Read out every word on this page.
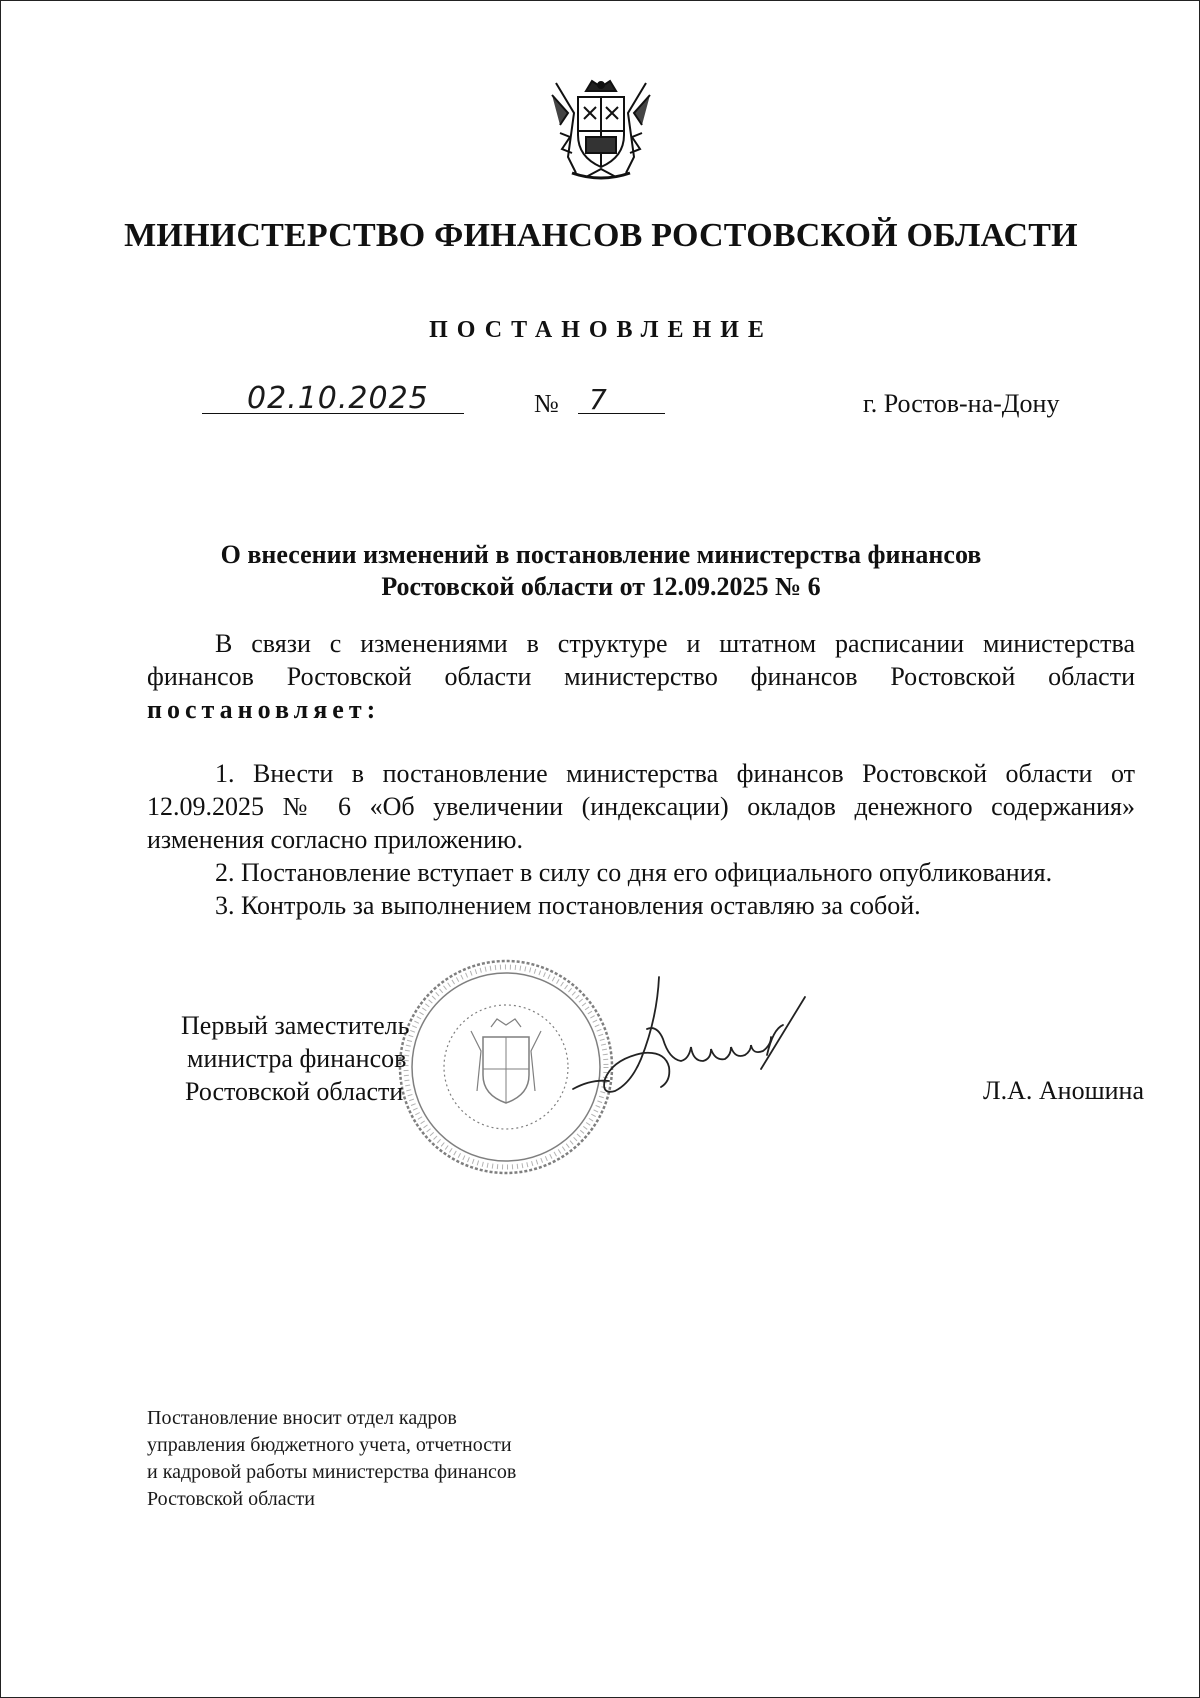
МИНИСТЕРСТВО ФИНАНСОВ РОСТОВСКОЙ ОБЛАСТИ
ПОСТАНОВЛЕНИЕ
02.10.2025	№ 7	г. Ростов-на-Дону
О внесении изменений в постановление министерства финансов
Ростовской области от 12.09.2025 № 6
В связи с изменениями в структуре и штатном расписании министерства финансов Ростовской области министерство финансов Ростовской области постановляет:

1. Внести в постановление министерства финансов Ростовской области от 12.09.2025 № 6 «Об увеличении (индексации) окладов денежного содержания» изменения согласно приложению.

2. Постановление вступает в силу со дня его официального опубликования.

3. Контроль за выполнением постановления оставляю за собой.

Первый заместитель
министра финансов
Ростовской области	Л.А. Аношина
Постановление вносит отдел кадров
управления бюджетного учета, отчетности
и кадровой работы министерства финансов
Ростовской области
